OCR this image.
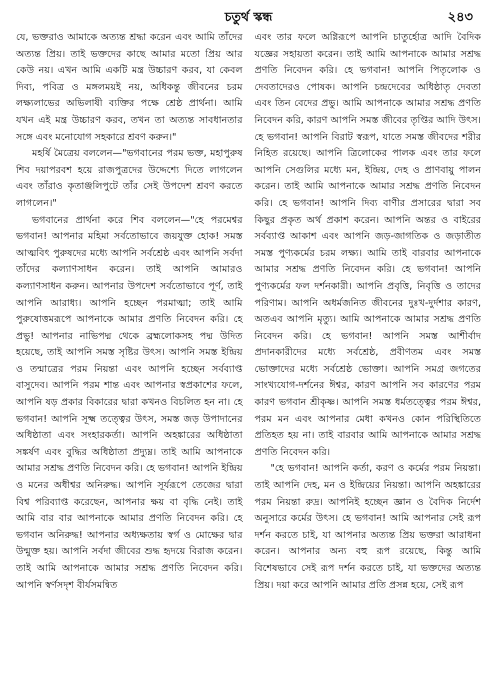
চতুর্থ স্কন্ধ	২৪৩

যে, ভক্তরাও আমাকে অত্যন্ত শ্রদ্ধা করেন এবং আমি তাঁদের অত্যন্ত প্রিয়। তাই ভক্তদের কাছে আমার মতো প্রিয় আর কেউ নয়। এখন আমি একটি মন্ত্র উচ্চারণ করব, যা কেবল দিব্য, পবিত্র ও মঙ্গলময়ই নয়, অধিকন্তু জীবনের চরম লক্ষ্যলাভের অভিলাষী ব্যক্তির পক্ষে শ্রেষ্ঠ প্রার্থনা। আমি যখন এই মন্ত্র উচ্চারণ করব, তখন তা অত্যন্ত সাবধানতার সঙ্গে এবং মনোযোগ সহকারে শ্রবণ করুন।"

মহর্ষি মৈত্রেয় বললেন—"ভগবানের পরম ভক্ত, মহাপুরুষ শিব দয়াপরবশ হয়ে রাজপুত্রদের উদ্দেশ্যে দিতে লাগলেন এবং তাঁরাও কৃতাঞ্জলিপুটে তাঁর সেই উপদেশ শ্রবণ করতে লাগলেন।"

ভগবানের প্রার্থনা করে শিব বললেন—"হে পরমেশ্বর ভগবান! আপনার মহিমা সর্বতোভাবে জয়যুক্ত হোক! সমস্ত আত্মবিৎ পুরুষদের মধ্যে আপনি সর্বশ্রেষ্ঠ এবং আপনি সর্বদা তাঁদের কল্যাণসাধন করেন। তাই আপনি আমারও কল্যাণসাধন করুন। আপনার উপদেশ সর্বতোভাবে পূর্ণ, তাই আপনি আরাধ্য। আপনি হচ্ছেন পরমাত্মা; তাই আমি পুরুষোত্তমরূপে আপনাকে আমার প্রণতি নিবেদন করি। হে প্রভু! আপনার নাভিপদ্ম থেকে ব্রহ্মলোকসহ পদ্ম উদিত হয়েছে, তাই আপনি সমস্ত সৃষ্টির উৎস। আপনি সমস্ত ইন্দ্রিয় ও তন্মাত্রের পরম নিয়ন্তা এবং আপনি হচ্ছেন সর্বব্যাপ্ত বাসুদেব। আপনি পরম শান্ত এবং আপনার স্বপ্রকাশের ফলে, আপনি ষড় প্রকার বিকারের দ্বারা কখনও বিচলিত হন না। হে ভগবান! আপনি সূক্ষ্ম তত্ত্বের উৎস, সমস্ত জড় উপাদানের অধিষ্ঠাতা এবং সংহারকর্তা। আপনি অহঙ্কারের অধিষ্ঠাতা সঙ্কর্ষণ এবং বুদ্ধির অধিষ্ঠাতা প্রদ্যুম্ন। তাই আমি আপনাকে আমার সশ্রদ্ধ প্রণতি নিবেদন করি। হে ভগবান! আপনি ইন্দ্রিয় ও মনের অধীশ্বর অনিরুদ্ধ। আপনি সূর্যরূপে তেজের দ্বারা বিশ্ব পরিব্যাপ্ত করেছেন, আপনার ক্ষয় বা বৃদ্ধি নেই। তাই আমি বার বার আপনাকে আমার প্রণতি নিবেদন করি। হে ভগবান অনিরুদ্ধ! আপনার অধ্যক্ষতায় স্বর্গ ও মোক্ষের দ্বার উন্মুক্ত হয়। আপনি সর্বদা জীবের শুদ্ধ হৃদয়ে বিরাজ করেন। তাই আমি আপনাকে আমার সশ্রদ্ধ প্রণতি নিবেদন করি। আপনি স্বর্ণসদৃশ বীর্যসমন্বিত

এবং তার ফলে অগ্নিরূপে আপনি চাতুর্হোত্র আদি বৈদিক যজ্ঞের সহায়তা করেন। তাই আমি আপনাকে আমার সশ্রদ্ধ প্রণতি নিবেদন করি। হে ভগবান! আপনি পিতৃলোক ও দেবতাদেরও পোষক। আপনি চন্দ্রদেবের অধিষ্ঠাতৃ দেবতা এবং তিন বেদের প্রভু। আমি আপনাকে আমার সশ্রদ্ধ প্রণতি নিবেদন করি, কারণ আপনি সমস্ত জীবের তৃপ্তির আদি উৎস। হে ভগবান! আপনি বিরাট স্বরূপ, যাতে সমস্ত জীবদের শরীর নিহিত রয়েছে। আপনি ত্রিলোকের পালক এবং তার ফলে আপনি সেগুলির মধ্যে মন, ইন্দ্রিয়, দেহ ও প্রাণবায়ু পালন করেন। তাই আমি আপনাকে আমার সশ্রদ্ধ প্রণতি নিবেদন করি। হে ভগবান! আপনি দিব্য বাণীর প্রসারের দ্বারা সব কিছুর প্রকৃত অর্থ প্রকাশ করেন। আপনি অন্তর ও বাইরের সর্বব্যাপ্ত আকাশ এবং আপনি জড়-জাগতিক ও জড়াতীত সমস্ত পুণ্যকর্মের চরম লক্ষ্য। আমি তাই বারবার আপনাকে আমার সশ্রদ্ধ প্রণতি নিবেদন করি। হে ভগবান! আপনি পুণ্যকর্মের ফল দর্শনকারী। আপনি প্রবৃত্তি, নিবৃত্তি ও তাদের পরিণাম। আপনি অধর্মজনিত জীবনের দুঃখ-দুর্দশার কারণ, অতএব আপনি মৃত্যু। আমি আপনাকে আমার সশ্রদ্ধ প্রণতি নিবেদন করি। হে ভগবান! আপনি সমস্ত আশীর্বাদ প্রদানকারীদের মধ্যে সর্বশ্রেষ্ঠ, প্রবীণতম এবং সমস্ত ভোক্তাদের মধ্যে সর্বশ্রেষ্ঠ ভোক্তা। আপনি সমগ্র জগতের সাংখ্যযোগ-দর্শনের ঈশ্বর, কারণ আপনি সব কারণের পরম কারণ ভগবান শ্রীকৃষ্ণ। আপনি সমস্ত ধর্মতত্ত্বের পরম ঈশ্বর, পরম মন এবং আপনার মেধা কখনও কোন পরিস্থিতিতে প্রতিহত হয় না। তাই বারবার আমি আপনাকে আমার সশ্রদ্ধ প্রণতি নিবেদন করি।

"হে ভগবান! আপনি কর্তা, করণ ও কর্মের পরম নিয়ন্তা। তাই আপনি দেহ, মন ও ইন্দ্রিয়ের নিয়ন্তা। আপনি অহঙ্কারের পরম নিয়ন্তা রুদ্র। আপনিই হচ্ছেন জ্ঞান ও বৈদিক নির্দেশ অনুসারে কর্মের উৎস। হে ভগবান! আমি আপনার সেই রূপ দর্শন করতে চাই, যা আপনার অত্যন্ত প্রিয় ভক্তরা আরাধনা করেন। আপনার অন্য বহু রূপ রয়েছে, কিন্তু আমি বিশেষভাবে সেই রূপ দর্শন করতে চাই, যা ভক্তদের অত্যন্ত প্রিয়। দয়া করে আপনি আমার প্রতি প্রসন্ন হয়ে, সেই রূপ
